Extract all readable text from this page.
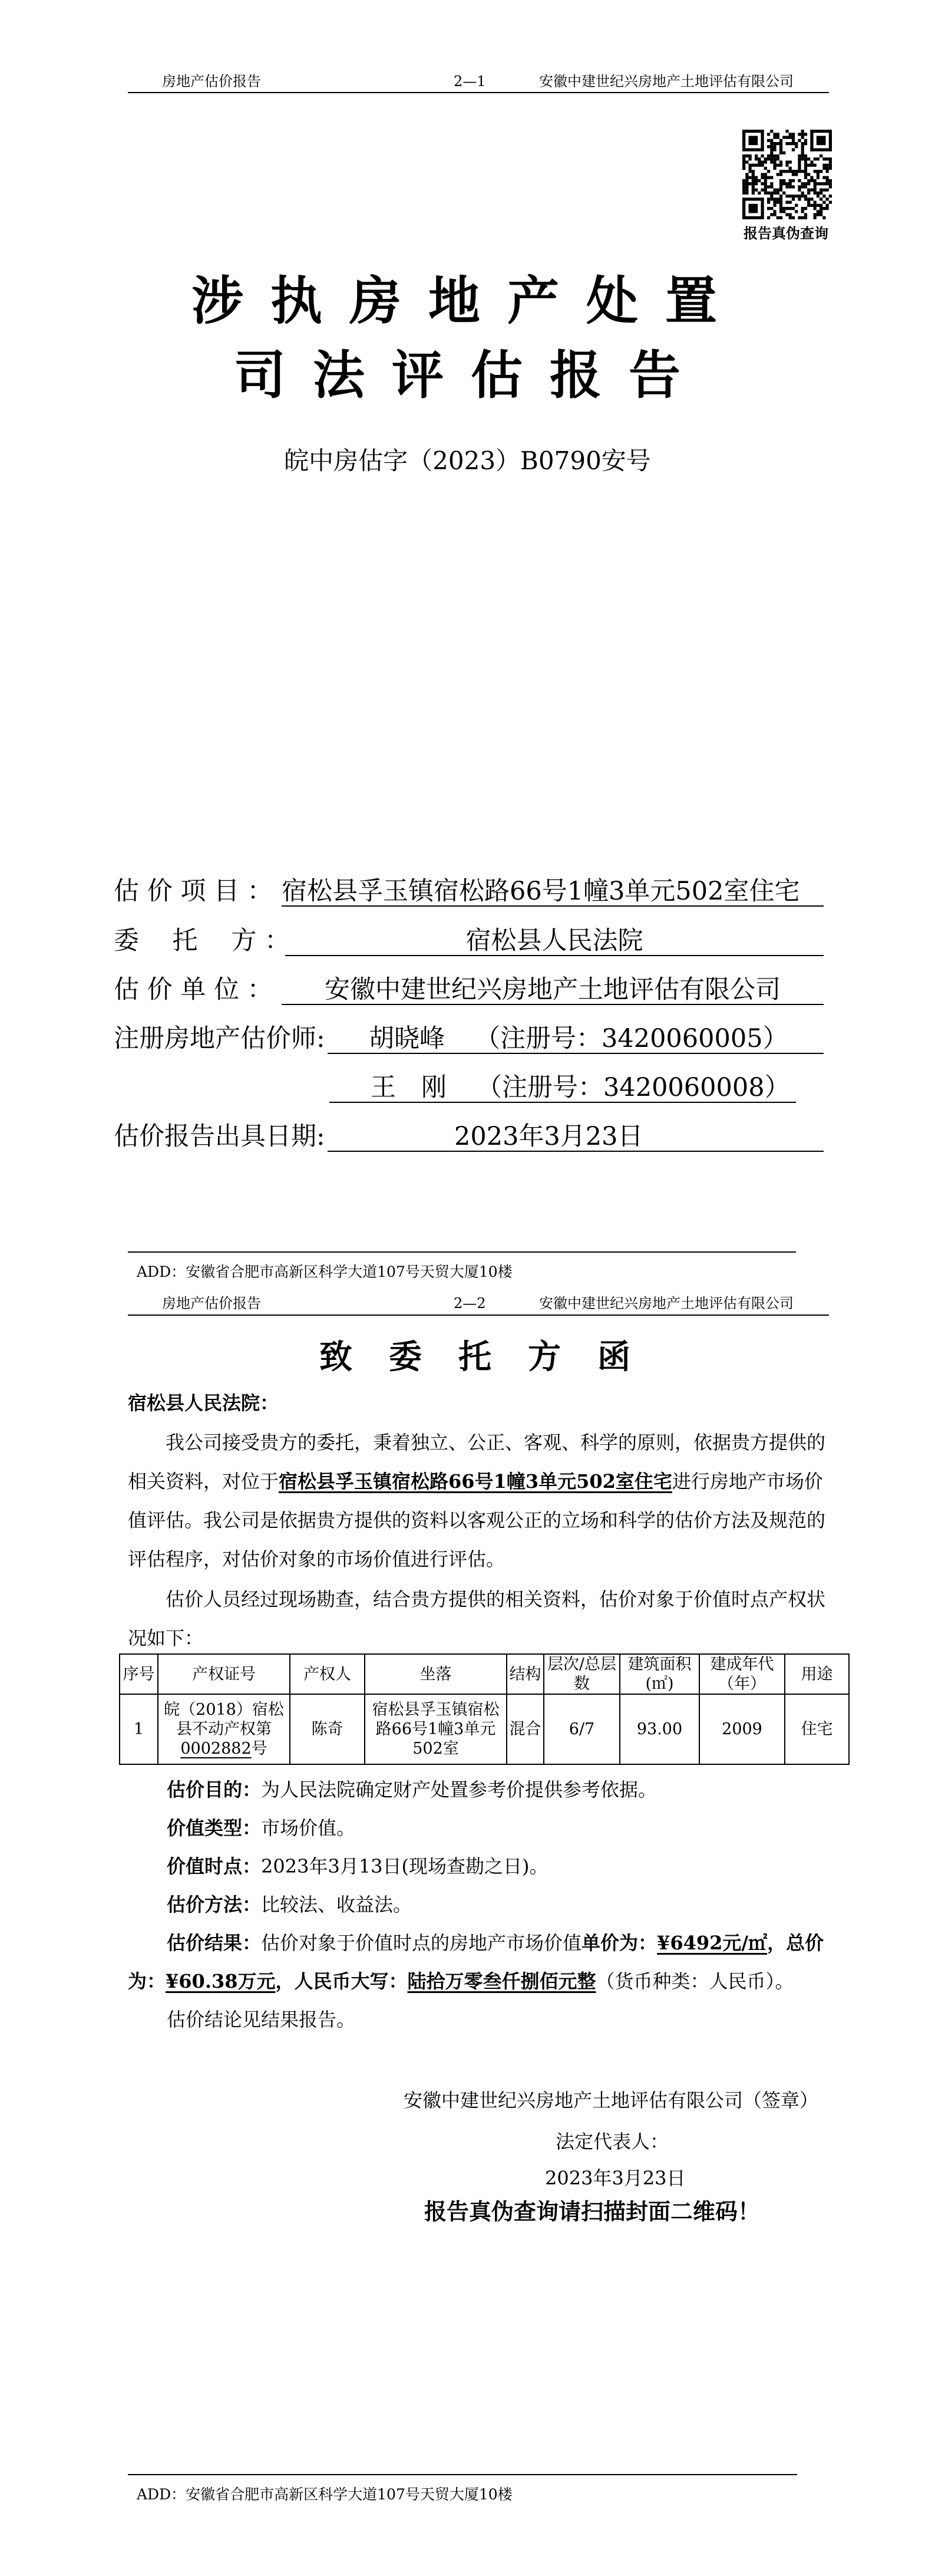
房地产估价报告	2—1	安徽中建世纪兴房地产土地评估有限公司
报告真伪查询
涉执房地产处置
司法评估报告
皖中房估字（2023）B0790安号
估 价 项 目 ： 宿松县孚玉镇宿松路66号1幢3单元502室住宅
委　 托　 方 ：	宿松县人民法院
估 价 单 位 ：	安徽中建世纪兴房地产土地评估有限公司
注册房地产估价师:	胡晓峰 （注册号：3420060005）
王　刚 （注册号：3420060008）
估价报告出具日期:	2023年3月23日
ADD：安徽省合肥市高新区科学大道107号天贸大厦10楼
房地产估价报告	2—2	安徽中建世纪兴房地产土地评估有限公司
致委托方函
宿松县人民法院：
我公司接受贵方的委托，秉着独立、公正、客观、科学的原则，依据贵方提供的相关资料，对位于宿松县孚玉镇宿松路66号1幢3单元502室住宅进行房地产市场价值评估。我公司是依据贵方提供的资料以客观公正的立场和科学的估价方法及规范的评估程序，对估价对象的市场价值进行评估。
估价人员经过现场勘查，结合贵方提供的相关资料，估价对象于价值时点产权状况如下：
序号	产权证号	产权人	坐落	结构	层次/总层数	建筑面积(㎡)	建成年代（年）	用途
1	皖（2018）宿松县不动产权第0002882号	陈奇	宿松县孚玉镇宿松路66号1幢3单元502室	混合	6/7	93.00	2009	住宅

估价目的：为人民法院确定财产处置参考价提供参考依据。

价值类型：市场价值。

价值时点：2023年3月13日(现场查勘之日)。

估价方法：比较法、收益法。

估价结果：估价对象于价值时点的房地产市场价值单价为：¥6492元/㎡，总价为：¥60.38万元，人民币大写：陆拾万零叁仟捌佰元整（货币种类：人民币）。

估价结论见结果报告。

安徽中建世纪兴房地产土地评估有限公司（签章）
法定代表人：
2023年3月23日
报告真伪查询请扫描封面二维码！
ADD：安徽省合肥市高新区科学大道107号天贸大厦10楼
